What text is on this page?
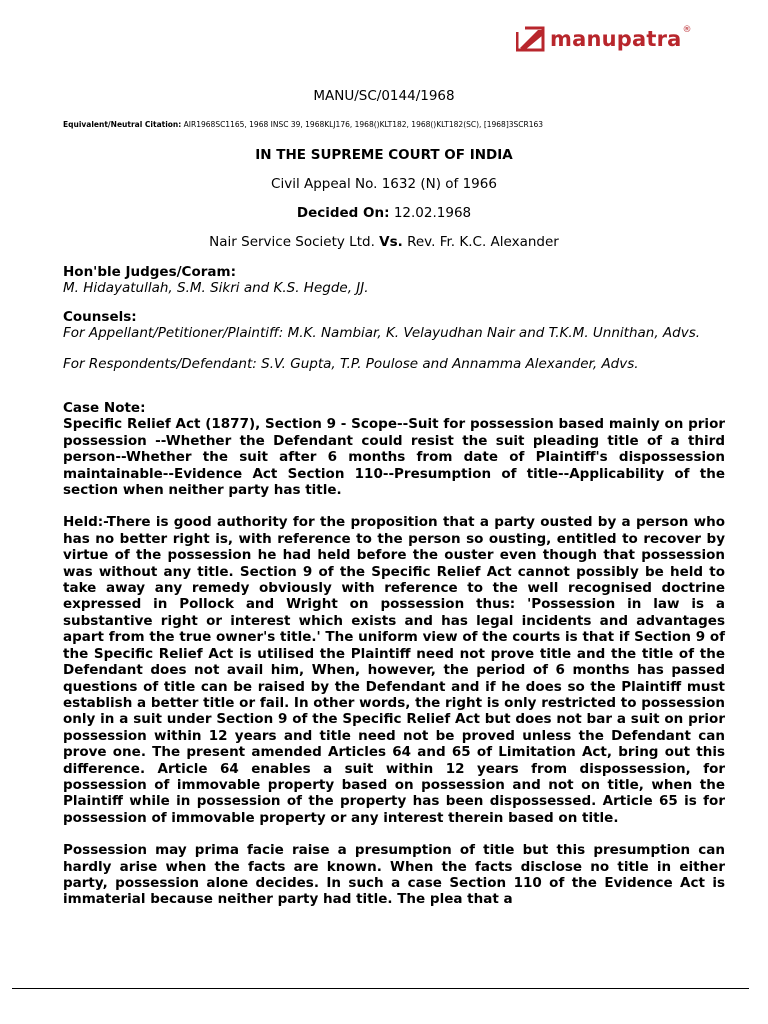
manupatra ®
MANU/SC/0144/1968
Equivalent/Neutral Citation: AIR1968SC1165, 1968 INSC 39, 1968KLJ176, 1968()KLT182, 1968()KLT182(SC), [1968]3SCR163
IN THE SUPREME COURT OF INDIA
Civil Appeal No. 1632 (N) of 1966
Decided On: 12.02.1968
Nair Service Society Ltd. Vs. Rev. Fr. K.C. Alexander
Hon'ble Judges/Coram:
M. Hidayatullah, S.M. Sikri and K.S. Hegde, JJ.
Counsels:
For Appellant/Petitioner/Plaintiff: M.K. Nambiar, K. Velayudhan Nair and T.K.M. Unnithan, Advs.
For Respondents/Defendant: S.V. Gupta, T.P. Poulose and Annamma Alexander, Advs.
Case Note:
Specific Relief Act (1877), Section 9 - Scope--Suit for possession based mainly on prior possession --Whether the Defendant could resist the suit pleading title of a third person--Whether the suit after 6 months from date of Plaintiff's dispossession maintainable--Evidence Act Section 110--Presumption of title--Applicability of the section when neither party has title.
Held:-There is good authority for the proposition that a party ousted by a person who has no better right is, with reference to the person so ousting, entitled to recover by virtue of the possession he had held before the ouster even though that possession was without any title. Section 9 of the Specific Relief Act cannot possibly be held to take away any remedy obviously with reference to the well recognised doctrine expressed in Pollock and Wright on possession thus: 'Possession in law is a substantive right or interest which exists and has legal incidents and advantages apart from the true owner's title.' The uniform view of the courts is that if Section 9 of the Specific Relief Act is utilised the Plaintiff need not prove title and the title of the Defendant does not avail him, When, however, the period of 6 months has passed questions of title can be raised by the Defendant and if he does so the Plaintiff must establish a better title or fail. In other words, the right is only restricted to possession only in a suit under Section 9 of the Specific Relief Act but does not bar a suit on prior possession within 12 years and title need not be proved unless the Defendant can prove one. The present amended Articles 64 and 65 of Limitation Act, bring out this difference. Article 64 enables a suit within 12 years from dispossession, for possession of immovable property based on possession and not on title, when the Plaintiff while in possession of the property has been dispossessed. Article 65 is for possession of immovable property or any interest therein based on title.
Possession may prima facie raise a presumption of title but this presumption can hardly arise when the facts are known. When the facts disclose no title in either party, possession alone decides. In such a case Section 110 of the Evidence Act is immaterial because neither party had title. The plea that a
